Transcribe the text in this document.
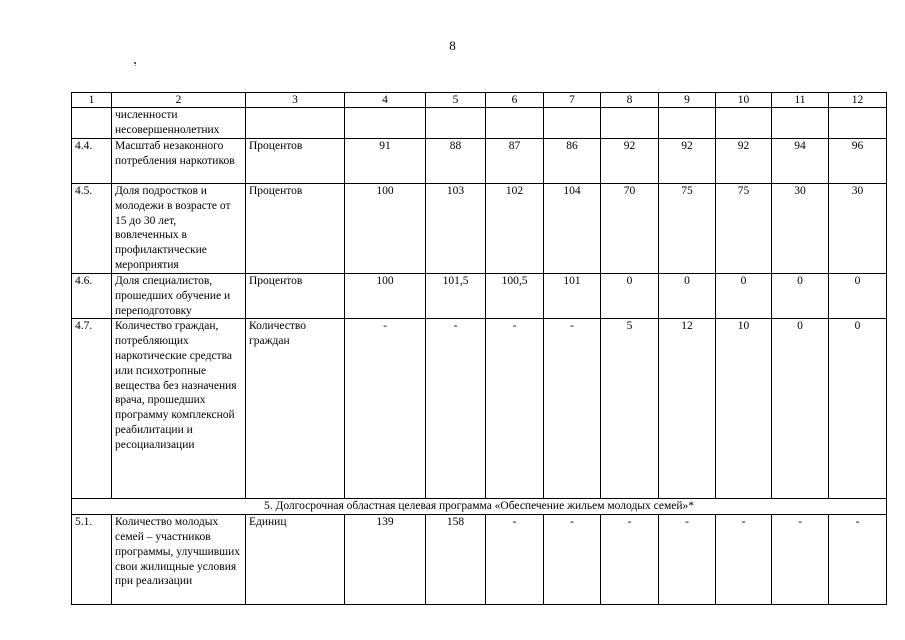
8
1	2	3	4	5	6	7	8	9	10	11	12
	численности несовершеннолетних										
4.4.	Масштаб незаконного потребления наркотиков	Процентов	91	88	87	86	92	92	92	94	96
4.5.	Доля подростков и молодежи в возрасте от 15 до 30 лет, вовлеченных в профилактические мероприятия	Процентов	100	103	102	104	70	75	75	30	30
4.6.	Доля специалистов, прошедших обучение и переподготовку	Процентов	100	101,5	100,5	101	0	0	0	0	0
4.7.	Количество граждан, потребляющих наркотические средства или психотропные вещества без назначения врача, прошедших программу комплексной реабилитации и ресоциализации	Количество граждан	-	-	-	-	5	12	10	0	0
5. Долгосрочная областная целевая программа «Обеспечение жильем молодых семей»*											
5.1.	Количество молодых семей – участников программы, улучшивших свои жилищные условия при реализации	Единиц	139	158	-	-	-	-	-	-	-
